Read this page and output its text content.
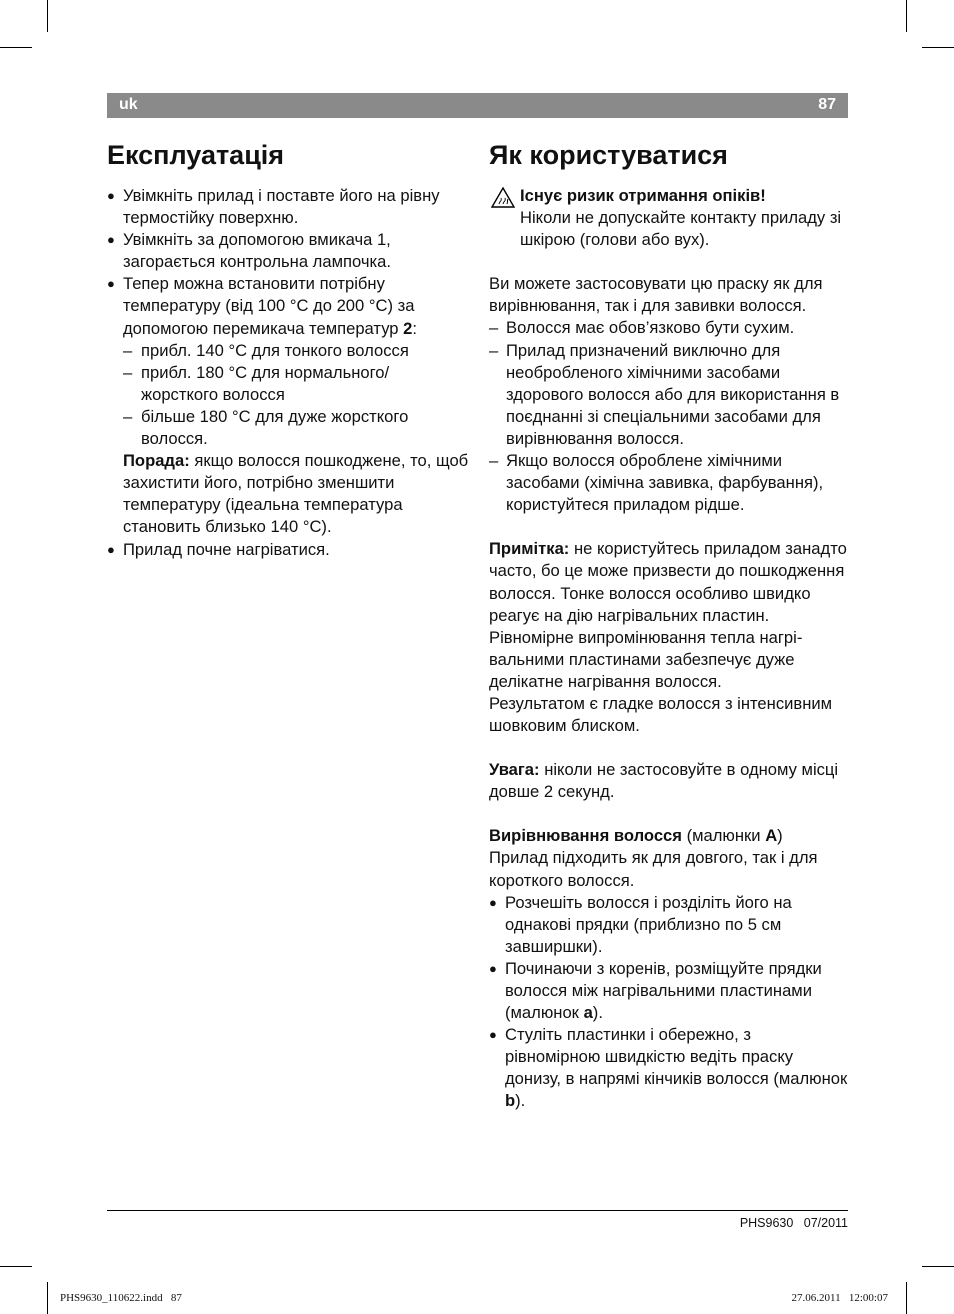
uk	87
Експлуатація

● Увімкніть прилад і поставте його на рівну термостійку поверхню.

● Увімкніть за допомогою вмикача 1, загорається контрольна лампочка.

● Тепер можна встановити потрібну температуру (від 100 °C до 200 °C) за допомогою перемикача температур 2:

– прибл. 140 °C для тонкого волосся

– прибл. 180 °C для нормального/ жорсткого волосся

– більше 180 °C для дуже жорсткого волосся.

Порада: якщо волосся пошкоджене, то, щоб захистити його, потрібно зменшити температуру (ідеальна температура становить близько 140 °C).

● Прилад почне нагріватися.

Як користуватися

Існує ризик отримання опіків!

Ніколи не допускайте контакту приладу зі шкірою (голови або вух).

Ви можете застосовувати цю праску як для вирівнювання, так і для завивки волосся.

– Волосся має обов’язково бути сухим.

– Прилад призначений виключно для необробленого хімічними засобами здорового волосся або для використання в поєднанні зі спеціальними засобами для вирівнювання волосся.

– Якщо волосся оброблене хімічними засобами (хімічна завивка, фарбування), користуйтеся приладом рідше.

Примітка: не користуйтесь приладом занадто часто, бо це може призвести до пошкодження волосся. Тонке волосся особливо швидко реагує на дію нагрівальних пластин.

Рівномірне випромінювання тепла нагрівальними пластинами забезпечує дуже делікатне нагрівання волосся.

Результатом є гладке волосся з інтенсивним шовковим блиском.

Увага: ніколи не застосовуйте в одному місці довше 2 секунд.

Вирівнювання волосся (малюнки A)

Прилад підходить як для довгого, так і для короткого волосся.

● Розчешіть волосся і розділіть його на однакові прядки (приблизно по 5 см завширшки).

● Починаючи з коренів, розміщуйте прядки волосся між нагрівальними пластинами (малюнок a).

● Стуліть пластинки і обережно, з рівномірною швидкістю ведіть праску донизу, в напрямі кінчиків волосся (малюнок b).

PHS9630   07/2011
PHS9630_110622.indd   87	27.06.2011   12:00:07
